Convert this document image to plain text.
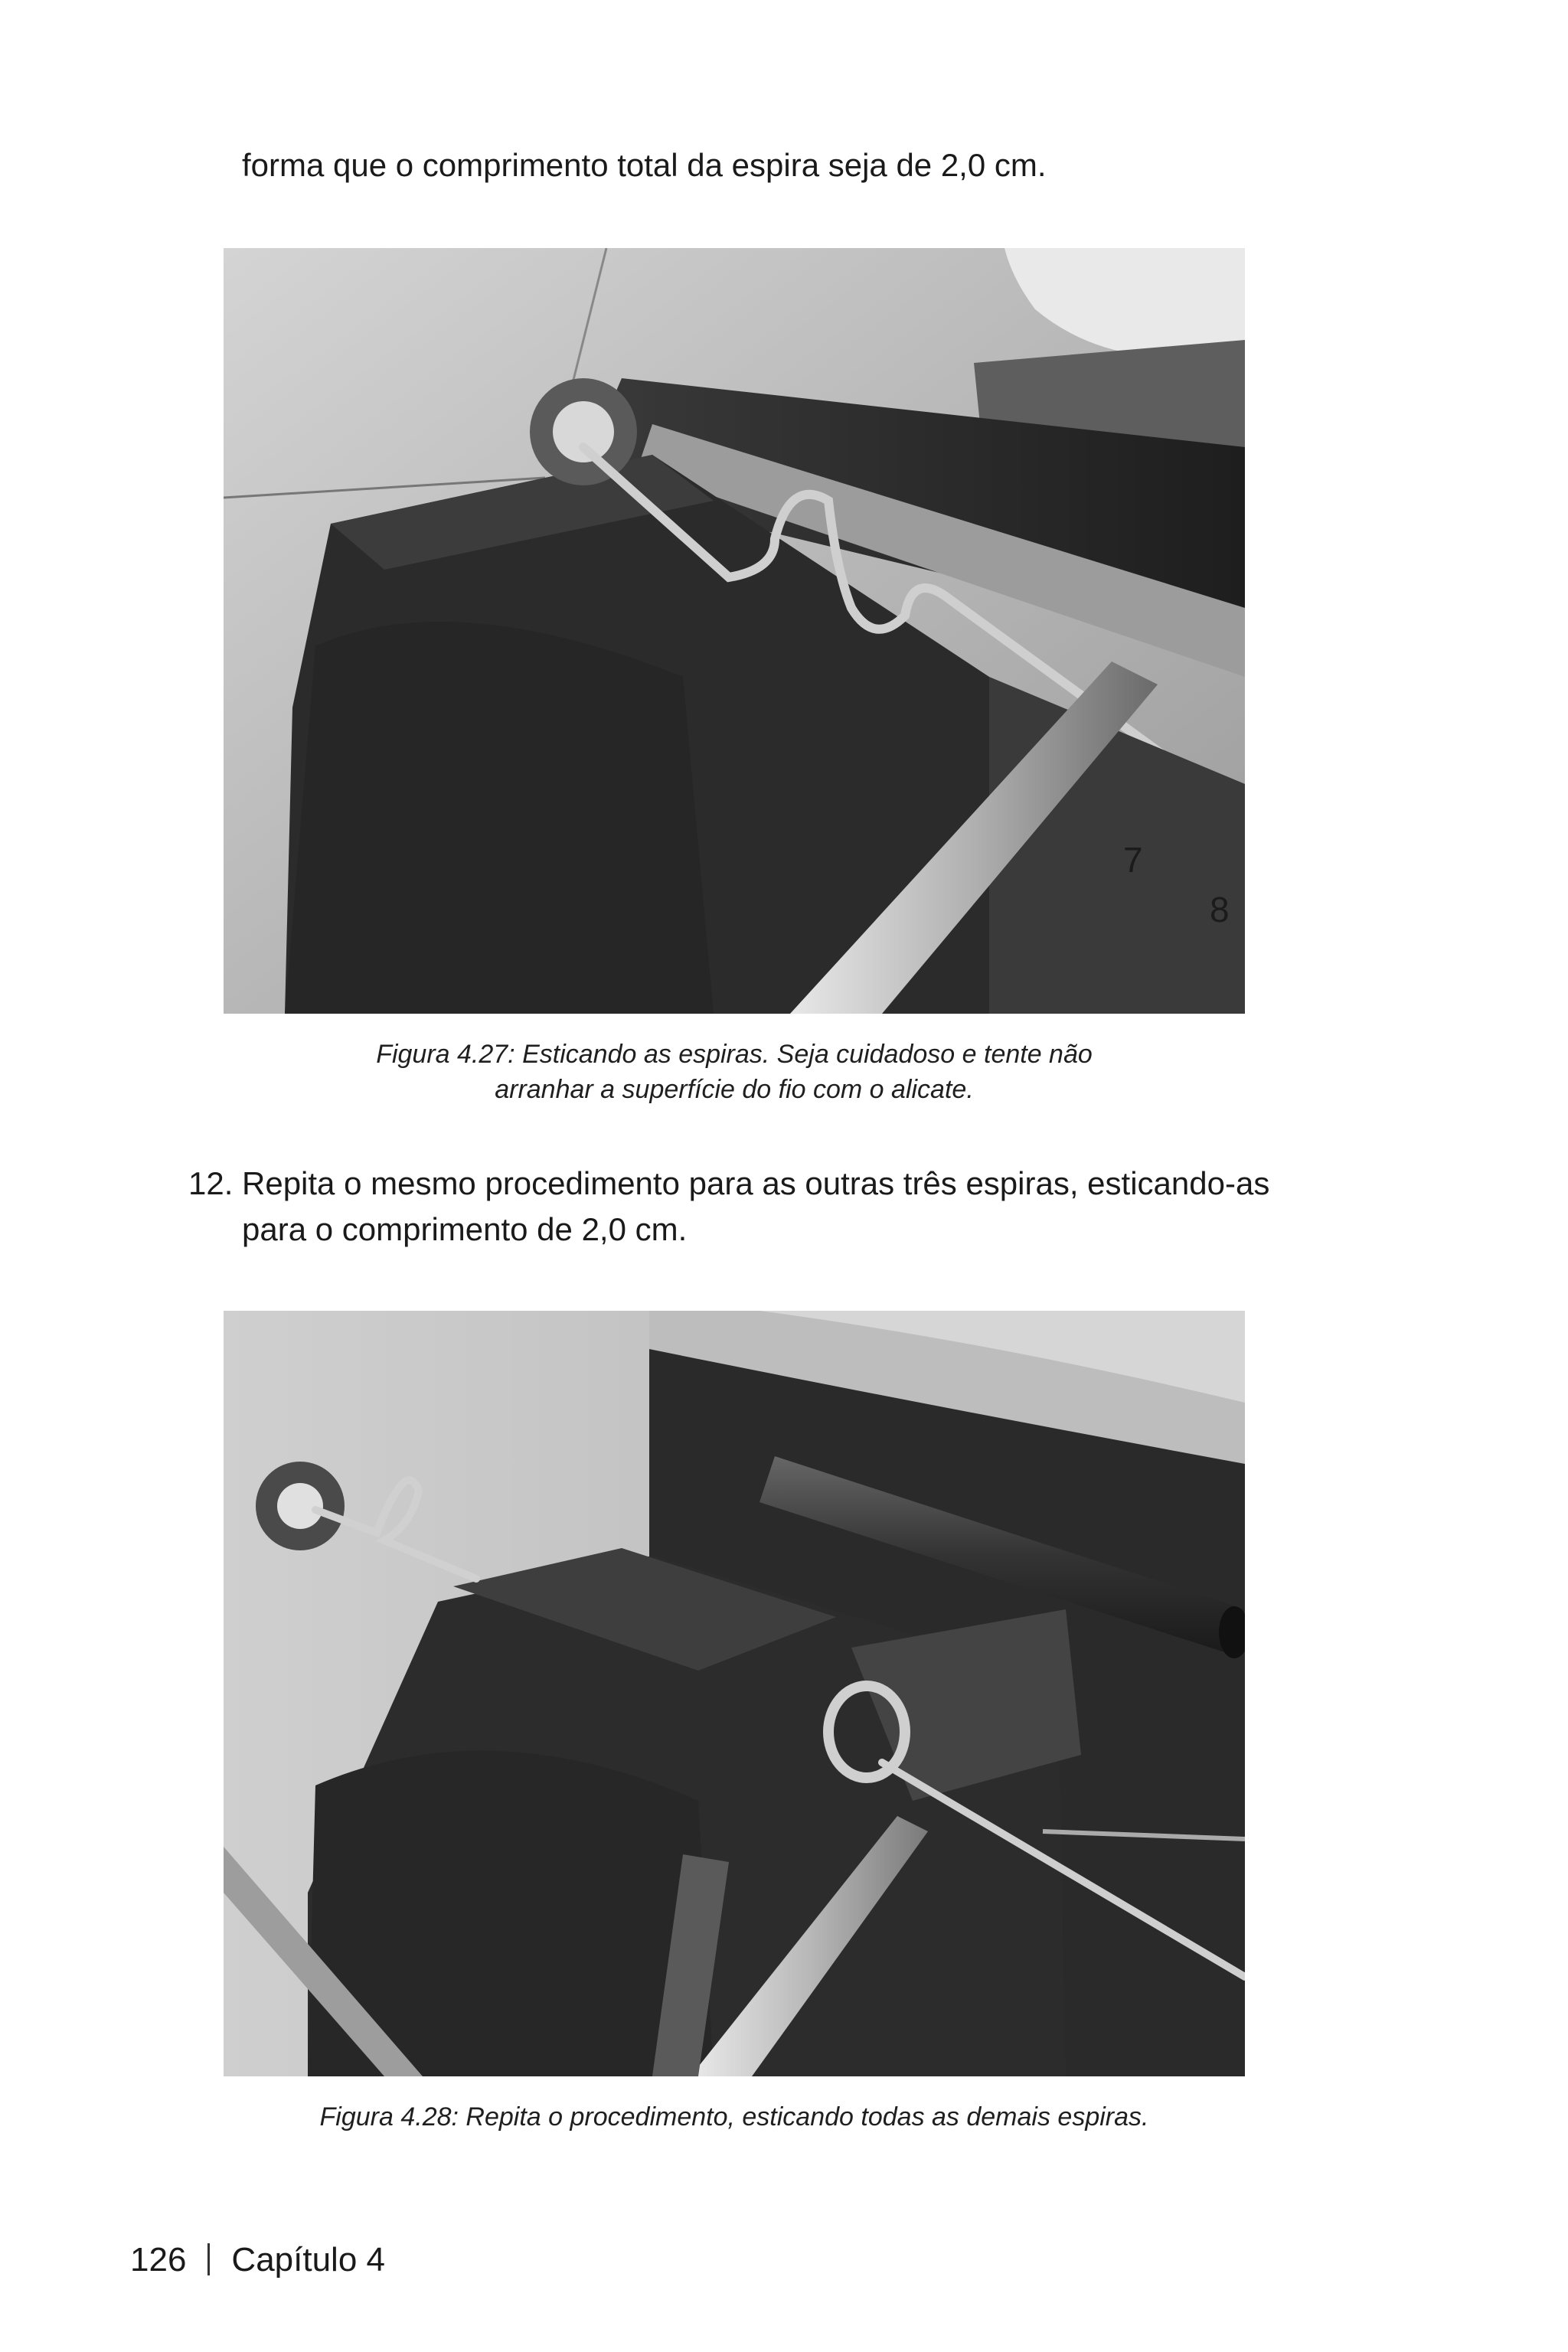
forma que o comprimento total da espira seja de 2,0 cm.

7
8

Figura 4.27: Esticando as espiras. Seja cuidadoso e tente não
arranhar a superfície do fio com o alicate.

12. Repita o mesmo procedimento para as outras três espiras, esticando-as para o comprimento de 2,0 cm.

Figura 4.28: Repita o procedimento, esticando todas as demais espiras.

126 Capítulo 4
